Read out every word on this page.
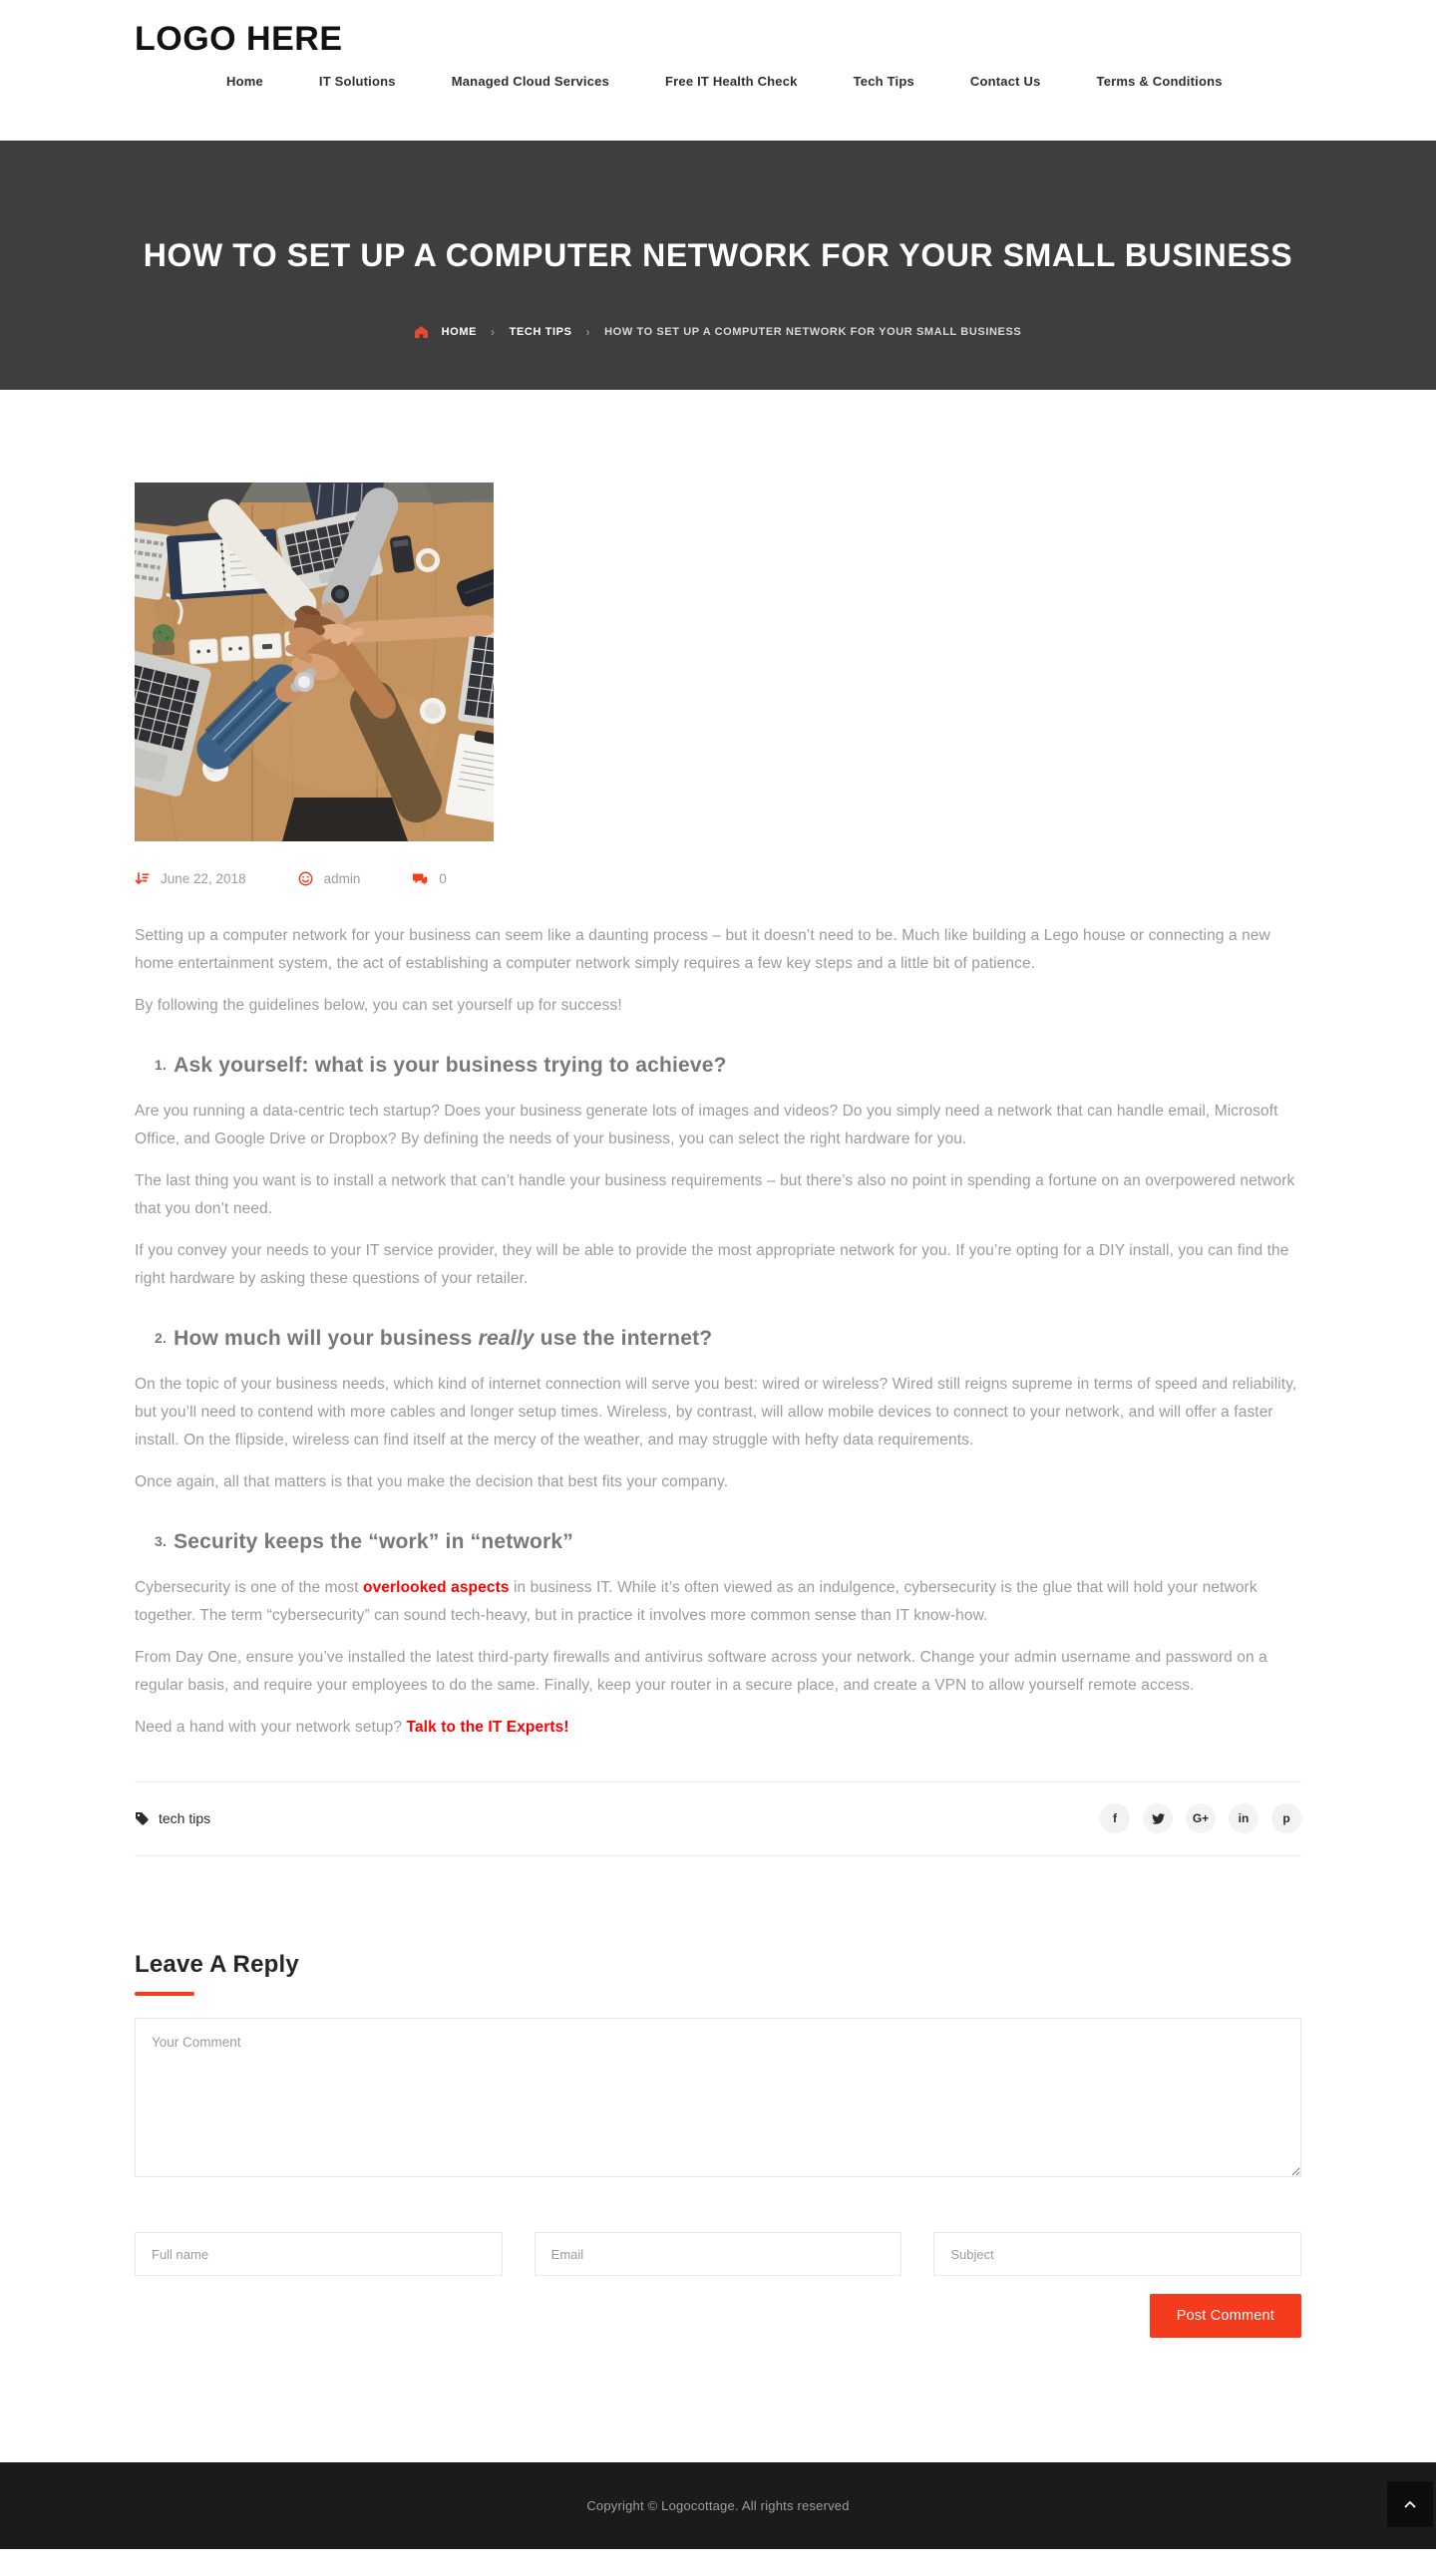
LOGO HERE
Home	IT Solutions	Managed Cloud Services	Free IT Health Check	Tech Tips	Contact Us	Terms & Conditions
HOW TO SET UP A COMPUTER NETWORK FOR YOUR SMALL BUSINESS
HOME › TECH TIPS › HOW TO SET UP A COMPUTER NETWORK FOR YOUR SMALL BUSINESS
June 22, 2018	admin	0

Setting up a computer network for your business can seem like a daunting process – but it doesn’t need to be. Much like building a Lego house or connecting a new home entertainment system, the act of establishing a computer network simply requires a few key steps and a little bit of patience.

By following the guidelines below, you can set yourself up for success!

1. Ask yourself: what is your business trying to achieve?

Are you running a data-centric tech startup? Does your business generate lots of images and videos? Do you simply need a network that can handle email, Microsoft Office, and Google Drive or Dropbox? By defining the needs of your business, you can select the right hardware for you.

The last thing you want is to install a network that can’t handle your business requirements – but there’s also no point in spending a fortune on an overpowered network that you don’t need.

If you convey your needs to your IT service provider, they will be able to provide the most appropriate network for you. If you’re opting for a DIY install, you can find the right hardware by asking these questions of your retailer.

2. How much will your business really use the internet?

On the topic of your business needs, which kind of internet connection will serve you best: wired or wireless? Wired still reigns supreme in terms of speed and reliability, but you’ll need to contend with more cables and longer setup times. Wireless, by contrast, will allow mobile devices to connect to your network, and will offer a faster install. On the flipside, wireless can find itself at the mercy of the weather, and may struggle with hefty data requirements.

Once again, all that matters is that you make the decision that best fits your company.

3. Security keeps the “work” in “network”

Cybersecurity is one of the most overlooked aspects in business IT. While it’s often viewed as an indulgence, cybersecurity is the glue that will hold your network together. The term “cybersecurity” can sound tech-heavy, but in practice it involves more common sense than IT know-how.

From Day One, ensure you’ve installed the latest third-party firewalls and antivirus software across your network. Change your admin username and password on a regular basis, and require your employees to do the same. Finally, keep your router in a secure place, and create a VPN to allow yourself remote access.

Need a hand with your network setup? Talk to the IT Experts!

tech tips	f	G+ in	p
Leave A Reply
Your Comment
Full name
Email
Subject
Post Comment

Copyright © Logocottage. All rights reserved
